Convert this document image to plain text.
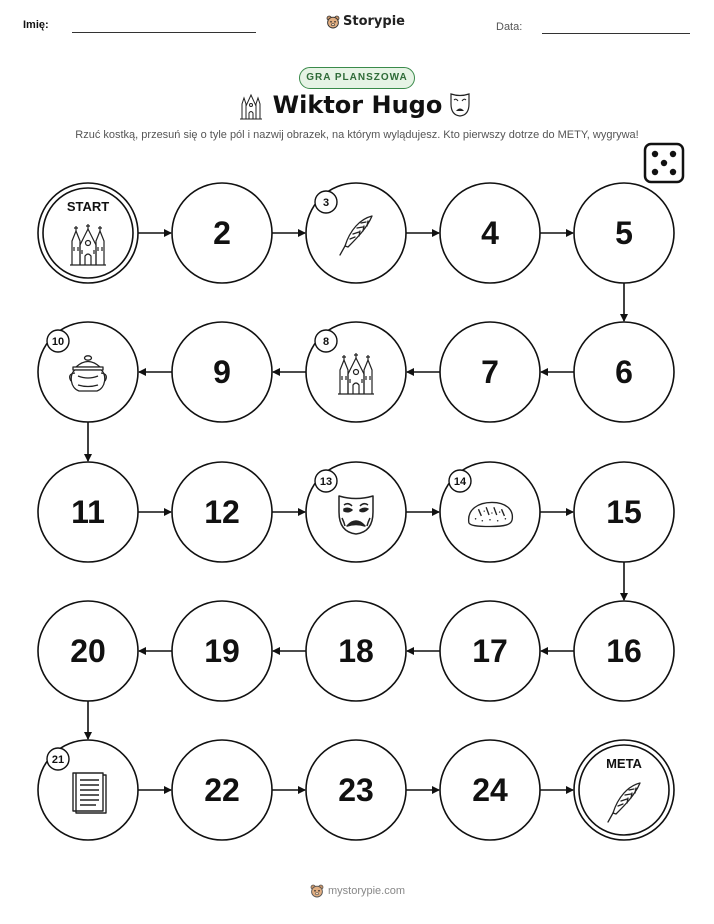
Imię:	Storypie	Data:
GRA PLANSZOWA
Wiktor Hugo
Rzuć kostką, przesuń się o tyle pól i nazwij obrazek, na którym wylądujesz. Kto pierwszy dotrze do METY, wygrywa!
START
2
3
4	5
6
7
8
9
10
11	12
13	14
15
16
17
18
19
20
21
22	23	24
META
mystorypie.com
